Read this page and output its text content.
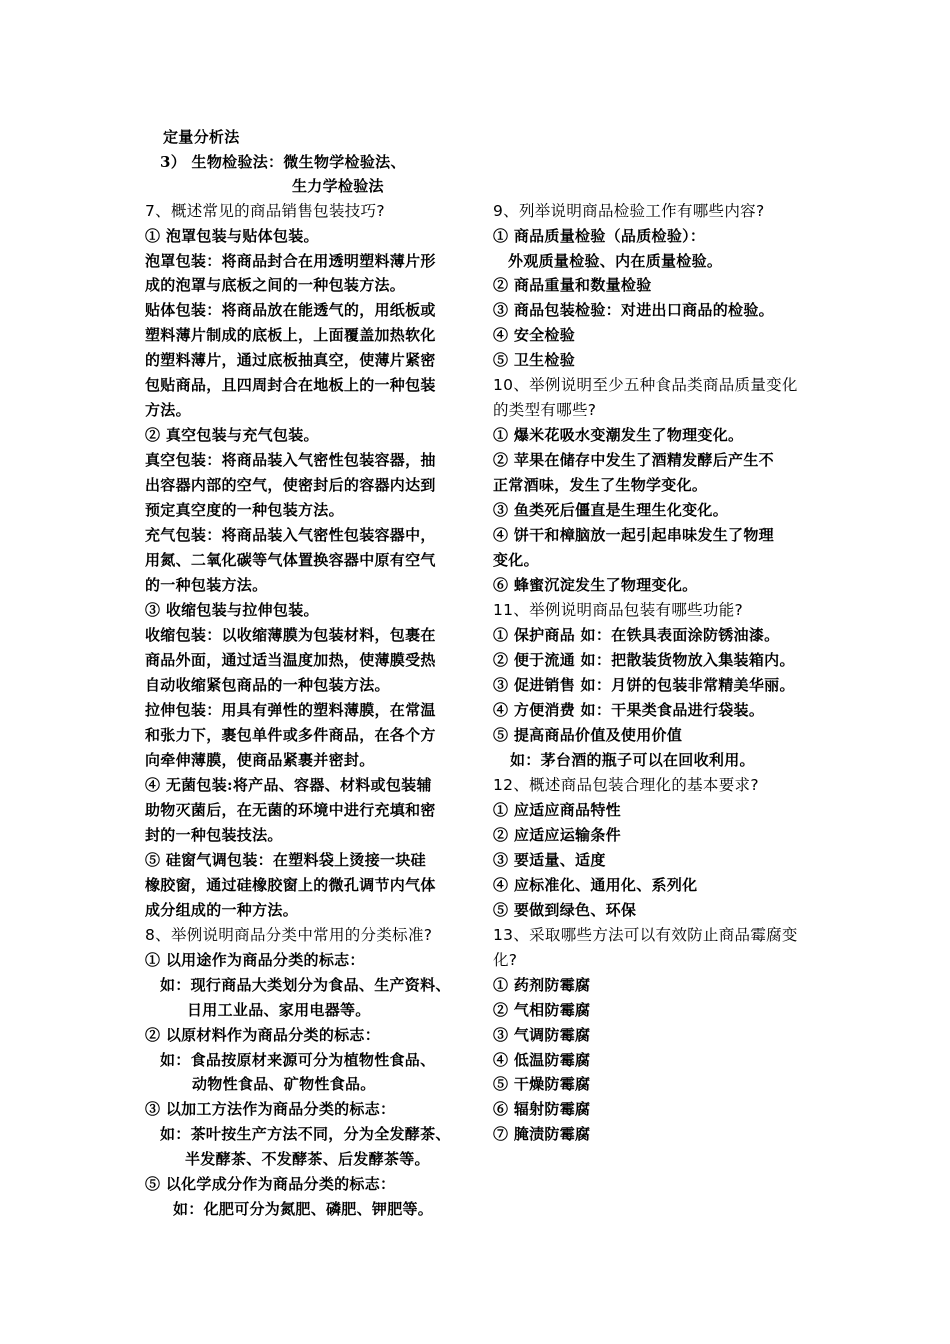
定量分析法
3） 生物检验法：微生物学检验法、
生力学检验法
7、概述常见的商品销售包装技巧?
① 泡罩包装与贴体包装。
泡罩包装：将商品封合在用透明塑料薄片形
成的泡罩与底板之间的一种包装方法。
贴体包装：将商品放在能透气的，用纸板或
塑料薄片制成的底板上，上面覆盖加热软化
的塑料薄片，通过底板抽真空，使薄片紧密
包贴商品，且四周封合在地板上的一种包装
方法。
② 真空包装与充气包装。
真空包装：将商品装入气密性包装容器，抽
出容器内部的空气，使密封后的容器内达到
预定真空度的一种包装方法。
充气包装：将商品装入气密性包装容器中，
用氮、二氧化碳等气体置换容器中原有空气
的一种包装方法。
③ 收缩包装与拉伸包装。
收缩包装：以收缩薄膜为包装材料，包裹在
商品外面，通过适当温度加热，使薄膜受热
自动收缩紧包商品的一种包装方法。
拉伸包装：用具有弹性的塑料薄膜，在常温
和张力下，裹包单件或多件商品，在各个方
向牵伸薄膜，使商品紧裹并密封。
④ 无菌包装:将产品、容器、材料或包装辅
助物灭菌后，在无菌的环境中进行充填和密
封的一种包装技法。
⑤ 硅窗气调包装：在塑料袋上烫接一块硅
橡胶窗，通过硅橡胶窗上的微孔调节内气体
成分组成的一种方法。
8、举例说明商品分类中常用的分类标准?
① 以用途作为商品分类的标志：
如：现行商品大类划分为食品、生产资料、
日用工业品、家用电器等。
② 以原材料作为商品分类的标志：
如：食品按原材来源可分为植物性食品、
动物性食品、矿物性食品。
③ 以加工方法作为商品分类的标志：
如：茶叶按生产方法不同，分为全发酵茶、
半发酵茶、不发酵茶、后发酵茶等。
⑤ 以化学成分作为商品分类的标志：
如：化肥可分为氮肥、磷肥、钾肥等。
9、列举说明商品检验工作有哪些内容?
① 商品质量检验（品质检验）：
外观质量检验、内在质量检验。
② 商品重量和数量检验
③ 商品包装检验：对进出口商品的检验。
④ 安全检验
⑤ 卫生检验
10、举例说明至少五种食品类商品质量变化
的类型有哪些?
① 爆米花吸水变潮发生了物理变化。
② 苹果在储存中发生了酒精发酵后产生不
正常酒味，发生了生物学变化。
③ 鱼类死后僵直是生理生化变化。
④ 饼干和樟脑放一起引起串味发生了物理
变化。
⑥ 蜂蜜沉淀发生了物理变化。
11、举例说明商品包装有哪些功能?
① 保护商品 如：在铁具表面涂防锈油漆。
② 便于流通 如：把散装货物放入集装箱内。
③ 促进销售 如：月饼的包装非常精美华丽。
④ 方便消费 如：干果类食品进行袋装。
⑤ 提高商品价值及使用价值
如：茅台酒的瓶子可以在回收利用。
12、概述商品包装合理化的基本要求?
① 应适应商品特性
② 应适应运输条件
③ 要适量、适度
④ 应标准化、通用化、系列化
⑤ 要做到绿色、环保
13、采取哪些方法可以有效防止商品霉腐变
化?
① 药剂防霉腐
② 气相防霉腐
③ 气调防霉腐
④ 低温防霉腐
⑤ 干燥防霉腐
⑥ 辐射防霉腐
⑦ 腌渍防霉腐
